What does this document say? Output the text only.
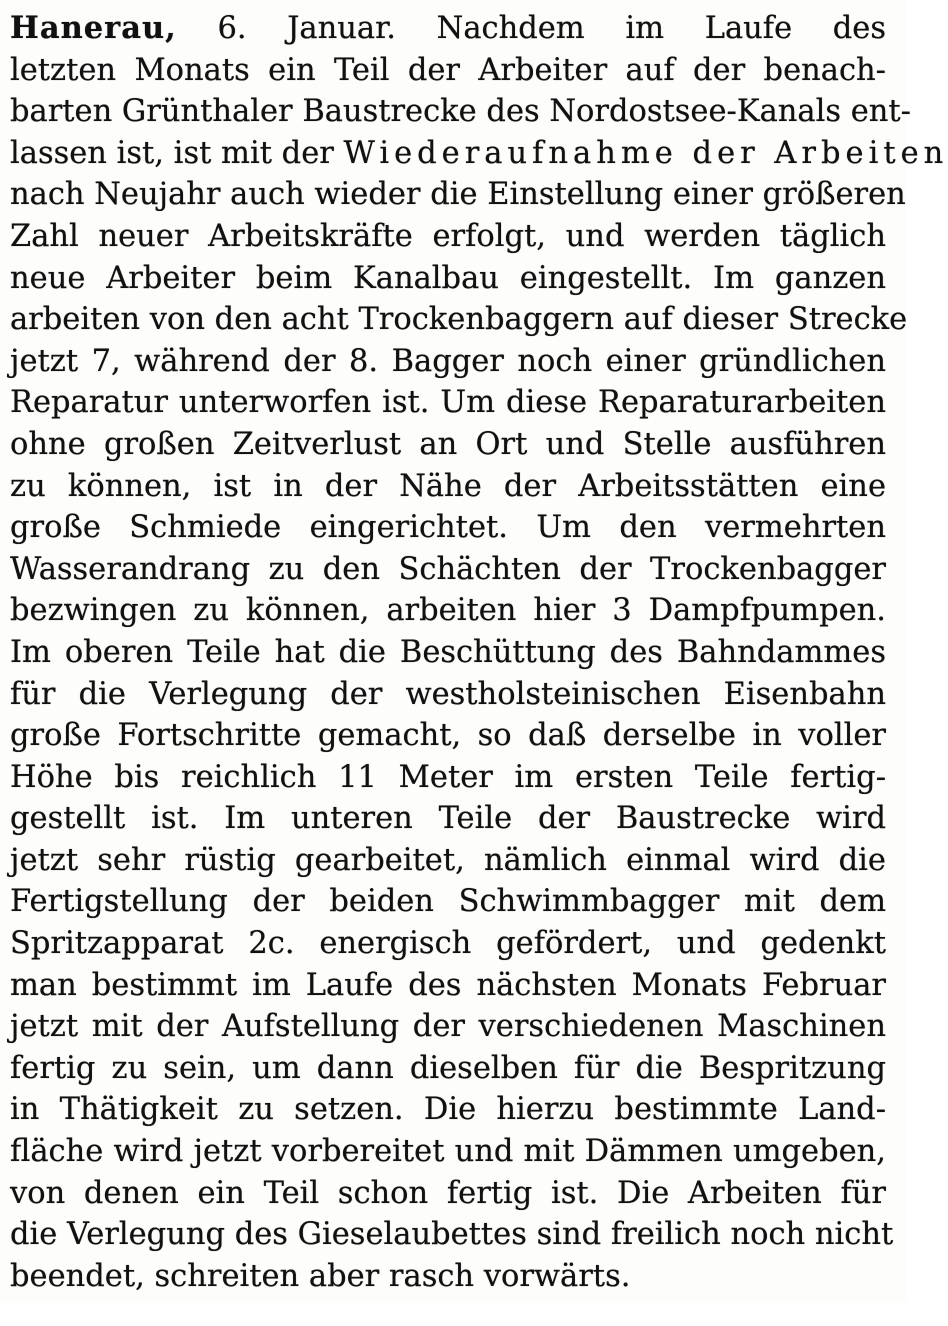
Hanerau, 6. Januar. Nachdem im Laufe des
letzten Monats ein Teil der Arbeiter auf der benach-
barten Grünthaler Baustrecke des Nordostsee-Kanals ent-
lassen ist, ist mit der Wiederaufnahme der Arbeiten
nach Neujahr auch wieder die Einstellung einer größeren
Zahl neuer Arbeitskräfte erfolgt, und werden täglich
neue Arbeiter beim Kanalbau eingestellt. Im ganzen
arbeiten von den acht Trockenbaggern auf dieser Strecke
jetzt 7, während der 8. Bagger noch einer gründlichen
Reparatur unterworfen ist. Um diese Reparaturarbeiten
ohne großen Zeitverlust an Ort und Stelle ausführen
zu können, ist in der Nähe der Arbeitsstätten eine
große Schmiede eingerichtet. Um den vermehrten
Wasserandrang zu den Schächten der Trockenbagger
bezwingen zu können, arbeiten hier 3 Dampfpumpen.
Im oberen Teile hat die Beschüttung des Bahndammes
für die Verlegung der westholsteinischen Eisenbahn
große Fortschritte gemacht, so daß derselbe in voller
Höhe bis reichlich 11 Meter im ersten Teile fertig-
gestellt ist. Im unteren Teile der Baustrecke wird
jetzt sehr rüstig gearbeitet, nämlich einmal wird die
Fertigstellung der beiden Schwimmbagger mit dem
Spritzapparat 2c. energisch gefördert, und gedenkt
man bestimmt im Laufe des nächsten Monats Februar
jetzt mit der Aufstellung der verschiedenen Maschinen
fertig zu sein, um dann dieselben für die Bespritzung
in Thätigkeit zu setzen. Die hierzu bestimmte Land-
fläche wird jetzt vorbereitet und mit Dämmen umgeben,
von denen ein Teil schon fertig ist. Die Arbeiten für
die Verlegung des Gieselaubettes sind freilich noch nicht
beendet, schreiten aber rasch vorwärts.
